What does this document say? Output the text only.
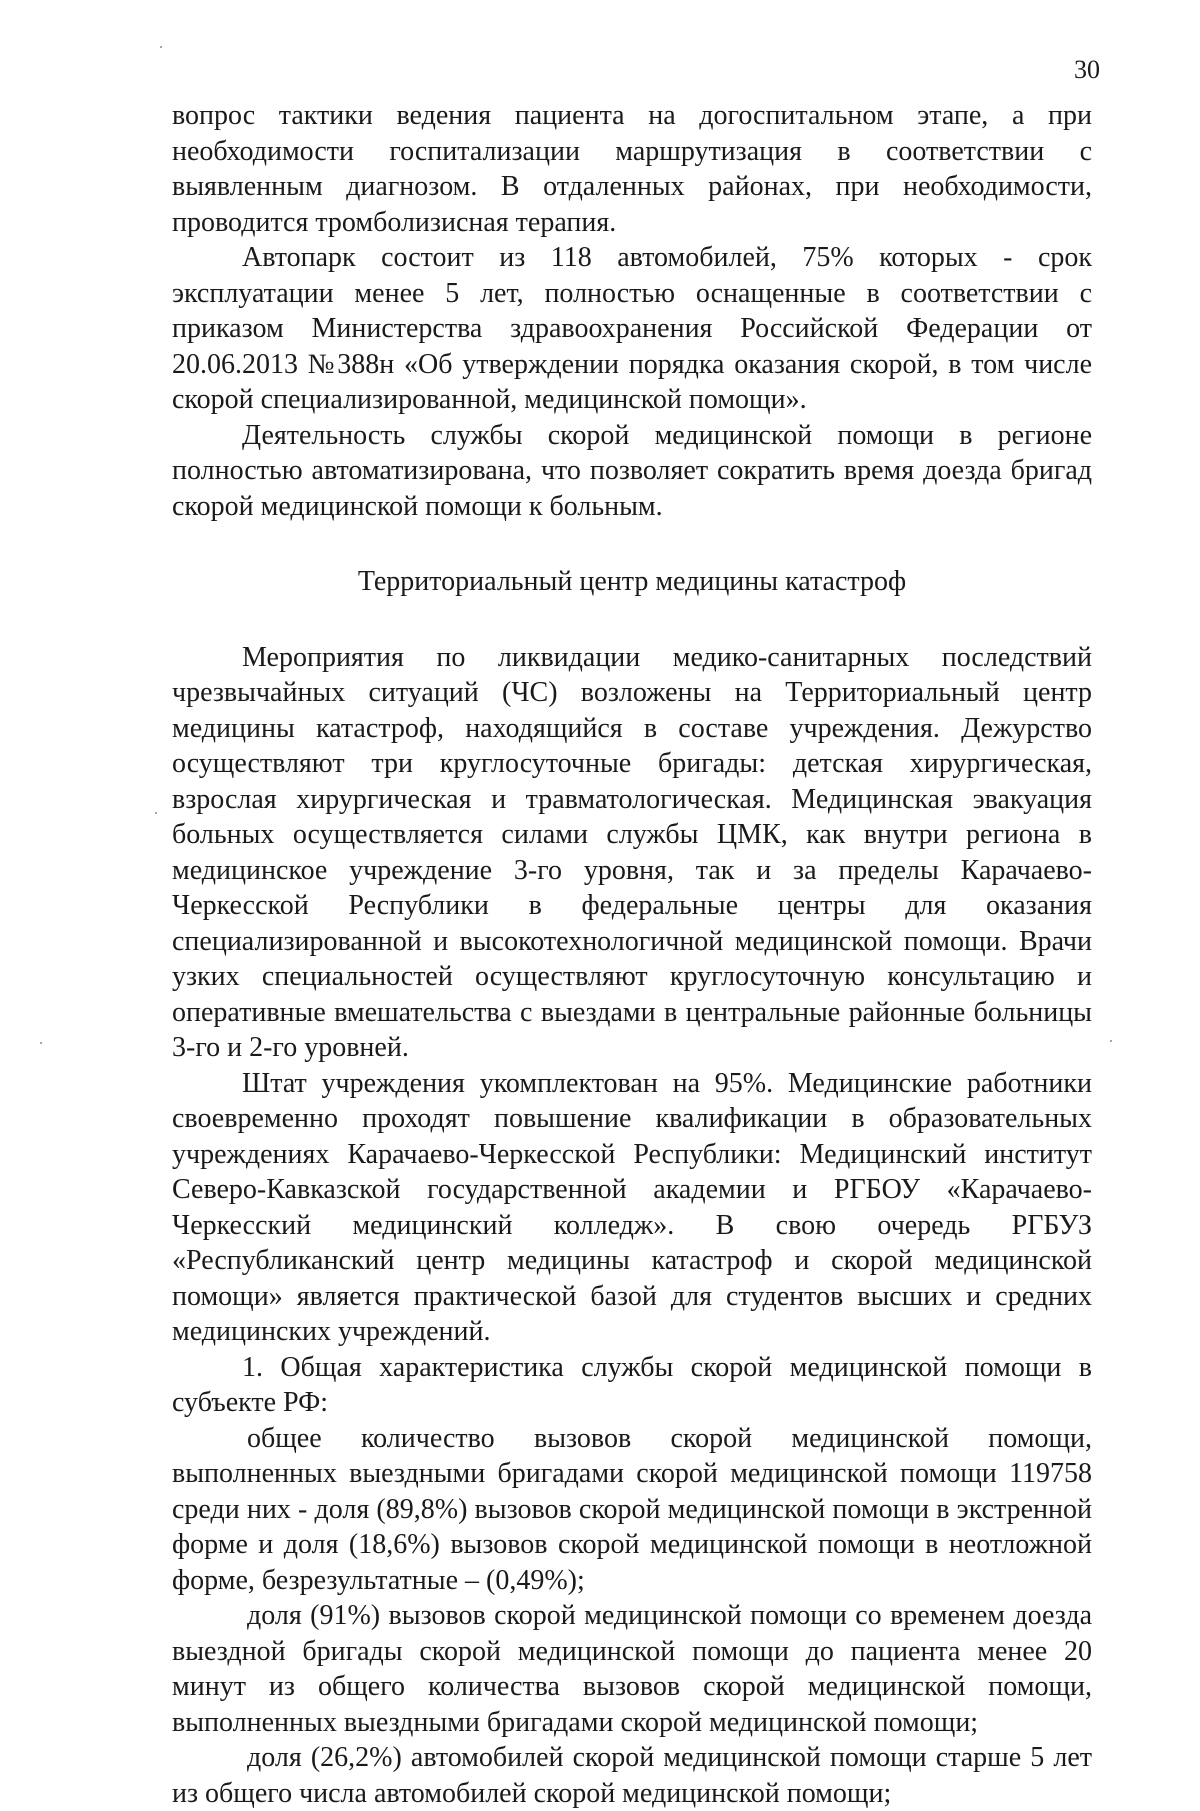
30

вопрос тактики ведения пациента на догоспитальном этапе, а при необходимости госпитализации маршрутизация в соответствии с выявленным диагнозом. В отдаленных районах, при необходимости, проводится тромболизисная терапия.

Автопарк состоит из 118 автомобилей, 75% которых - срок эксплуатации менее 5 лет, полностью оснащенные в соответствии с приказом Министерства здравоохранения Российской Федерации от 20.06.2013 №388н «Об утверждении порядка оказания скорой, в том числе скорой специализированной, медицинской помощи».

Деятельность службы скорой медицинской помощи в регионе полностью автоматизирована, что позволяет сократить время доезда бригад скорой медицинской помощи к больным.

Территориальный центр медицины катастроф

Мероприятия по ликвидации медико-санитарных последствий чрезвычайных ситуаций (ЧС) возложены на Территориальный центр медицины катастроф, находящийся в составе учреждения. Дежурство осуществляют три круглосуточные бригады: детская хирургическая, взрослая хирургическая и травматологическая. Медицинская эвакуация больных осуществляется силами службы ЦМК, как внутри региона в медицинское учреждение 3-го уровня, так и за пределы Карачаево-Черкесской Республики в федеральные центры для оказания специализированной и высокотехнологичной медицинской помощи. Врачи узких специальностей осуществляют круглосуточную консультацию и оперативные вмешательства с выездами в центральные районные больницы 3-го и 2-го уровней.

Штат учреждения укомплектован на 95%. Медицинские работники своевременно проходят повышение квалификации в образовательных учреждениях Карачаево-Черкесской Республики: Медицинский институт Северо-Кавказской государственной академии и РГБОУ «Карачаево-Черкесский медицинский колледж». В свою очередь РГБУЗ «Республиканский центр медицины катастроф и скорой медицинской помощи» является практической базой для студентов высших и средних медицинских учреждений.

1. Общая характеристика службы скорой медицинской помощи в субъекте РФ:

общее количество вызовов скорой медицинской помощи, выполненных выездными бригадами скорой медицинской помощи 119758 среди них - доля (89,8%) вызовов скорой медицинской помощи в экстренной форме и доля (18,6%) вызовов скорой медицинской помощи в неотложной форме, безрезультатные – (0,49%);

доля (91%) вызовов скорой медицинской помощи со временем доезда выездной бригады скорой медицинской помощи до пациента менее 20 минут из общего количества вызовов скорой медицинской помощи, выполненных выездными бригадами скорой медицинской помощи;

доля (26,2%) автомобилей скорой медицинской помощи старше 5 лет из общего числа автомобилей скорой медицинской помощи;
